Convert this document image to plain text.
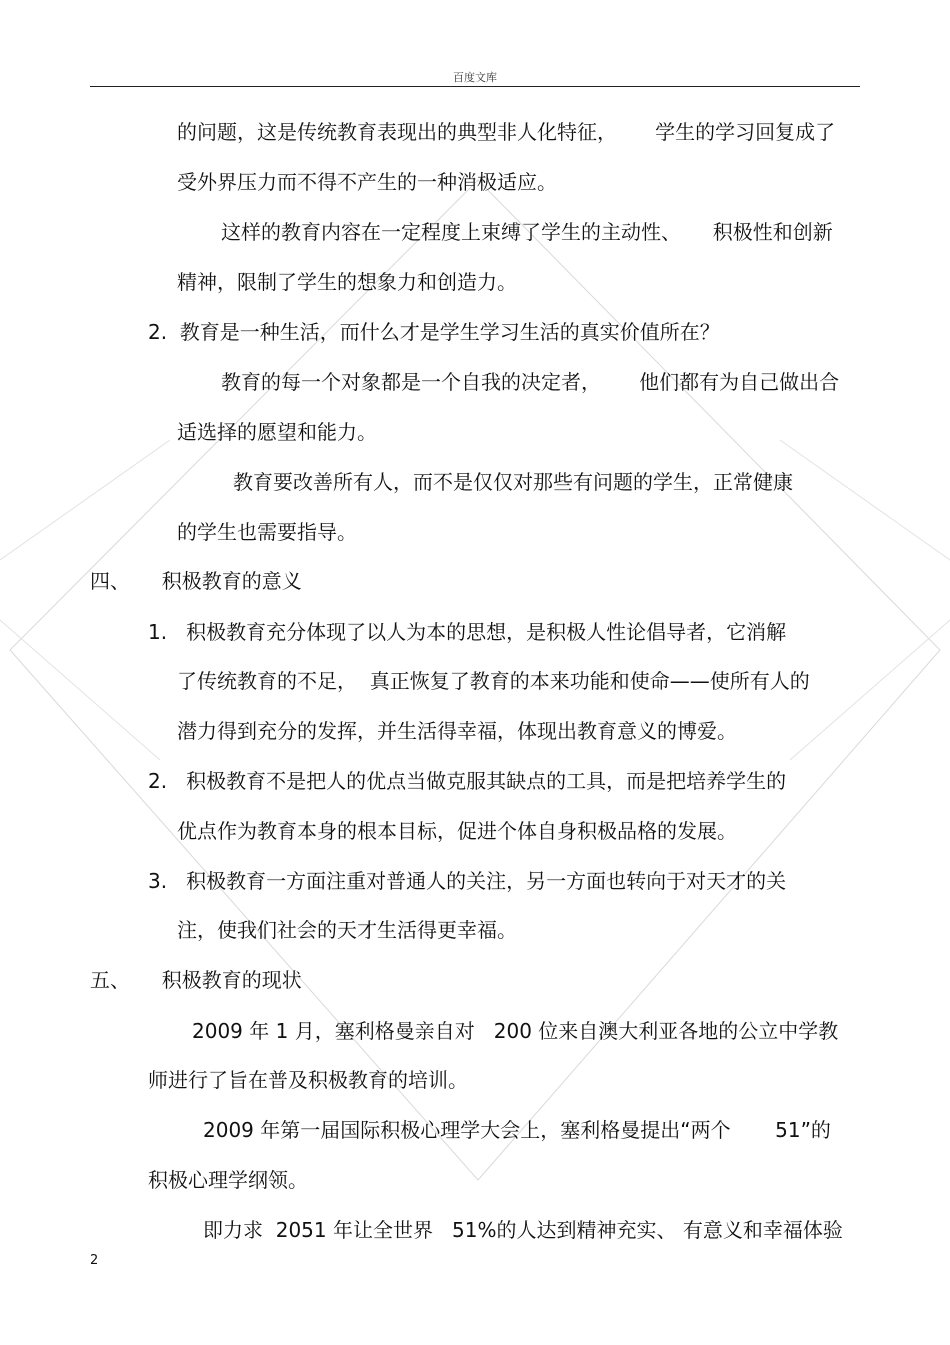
百度文库
的问题，这是传统教育表现出的典型非人化特征，      学生的学习回复成了
受外界压力而不得不产生的一种消极适应。
这样的教育内容在一定程度上束缚了学生的主动性、     积极性和创新
精神，限制了学生的想象力和创造力。
2.  教育是一种生活，而什么才是学生学习生活的真实价值所在？
教育的每一个对象都是一个自我的决定者，      他们都有为自己做出合
适选择的愿望和能力。
教育要改善所有人，而不是仅仅对那些有问题的学生，正常健康
的学生也需要指导。
四、     积极教育的意义
1.   积极教育充分体现了以人为本的思想，是积极人性论倡导者，它消解
了传统教育的不足，  真正恢复了教育的本来功能和使命——使所有人的
潜力得到充分的发挥，并生活得幸福，体现出教育意义的博爱。
2.   积极教育不是把人的优点当做克服其缺点的工具，而是把培养学生的
优点作为教育本身的根本目标，促进个体自身积极品格的发展。
3.   积极教育一方面注重对普通人的关注，另一方面也转向于对天才的关
注，使我们社会的天才生活得更幸福。
五、     积极教育的现状
2009 年 1 月，塞利格曼亲自对   200 位来自澳大利亚各地的公立中学教
师进行了旨在普及积极教育的培训。
2009 年第一届国际积极心理学大会上，塞利格曼提出“两个       51”的
积极心理学纲领。
即力求  2051 年让全世界   51%的人达到精神充实、 有意义和幸福体验
2
